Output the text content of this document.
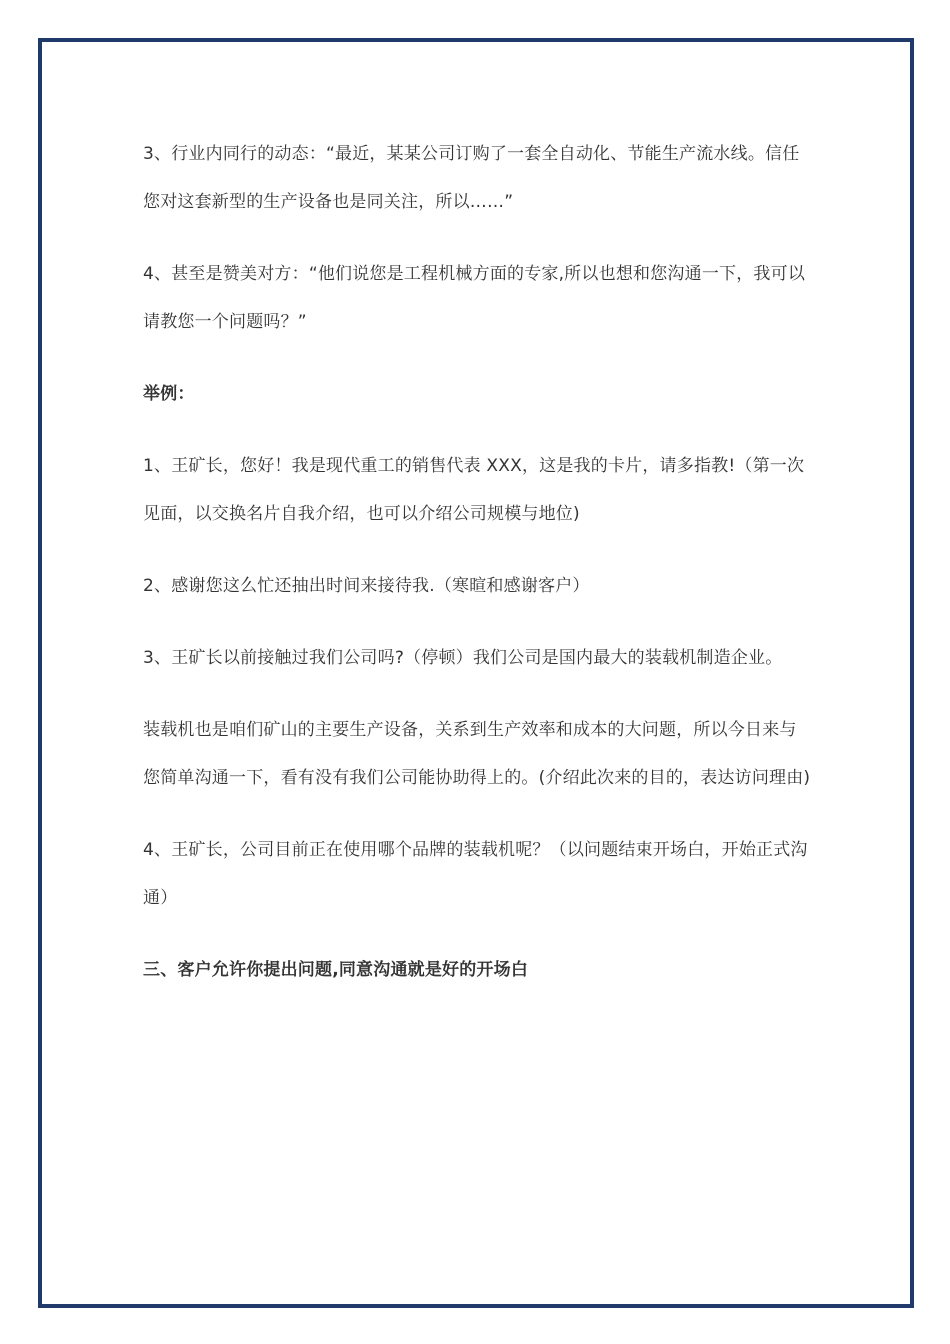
3、行业内同行的动态：“最近，某某公司订购了一套全自动化、节能生产流水线。信任您对这套新型的生产设备也是同关注，所以……”

4、甚至是赞美对方：“他们说您是工程机械方面的专家,所以也想和您沟通一下，我可以请教您一个问题吗？”

举例：

1、王矿长，您好！我是现代重工的销售代表 XXX，这是我的卡片，请多指教!（第一次见面，以交换名片自我介绍，也可以介绍公司规模与地位)

2、感谢您这么忙还抽出时间来接待我.（寒暄和感谢客户）

3、王矿长以前接触过我们公司吗?（停顿）我们公司是国内最大的装载机制造企业。

装载机也是咱们矿山的主要生产设备，关系到生产效率和成本的大问题，所以今日来与您简单沟通一下，看有没有我们公司能协助得上的。(介绍此次来的目的，表达访问理由)

4、王矿长，公司目前正在使用哪个品牌的装载机呢？（以问题结束开场白，开始正式沟通）

三、客户允许你提出问题,同意沟通就是好的开场白
